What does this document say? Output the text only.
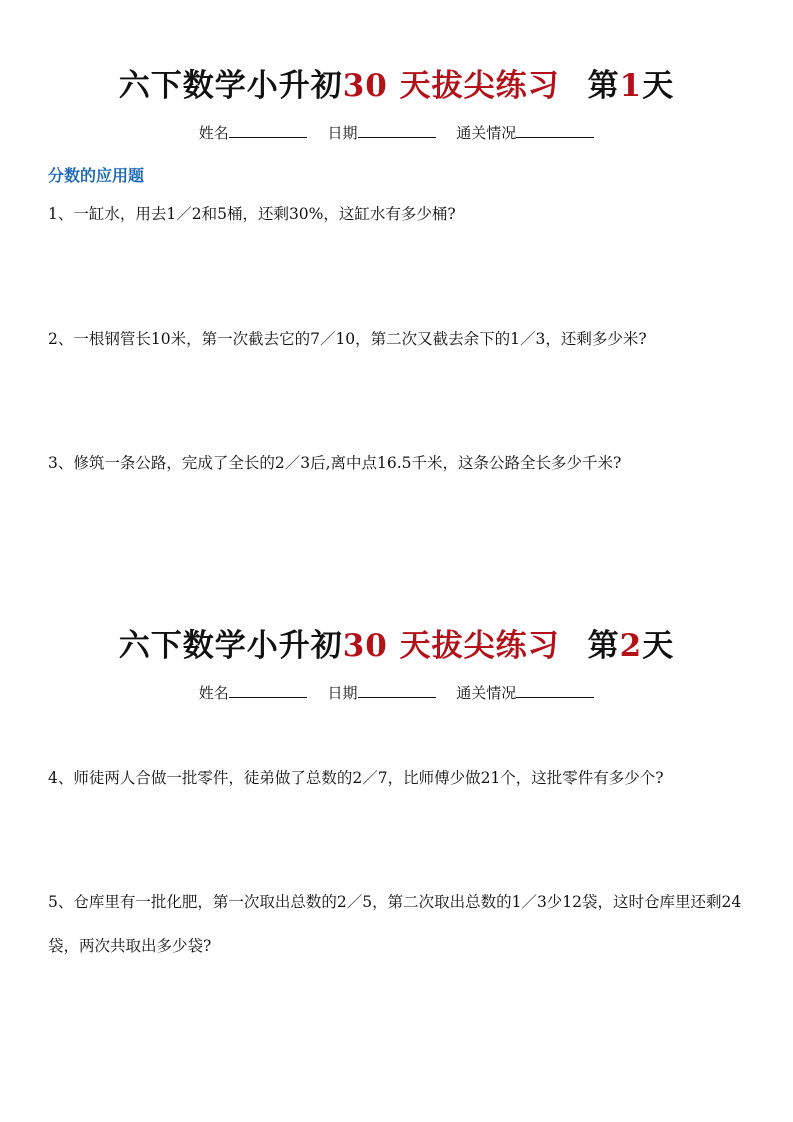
六下数学小升初30 天拔尖练习 第1天
姓名	日期	通关情况
分数的应用题
1、一缸水，用去1／2和5桶，还剩30%，这缸水有多少桶?
2、一根钢管长10米，第一次截去它的7／10，第二次又截去余下的1／3，还剩多少米?
3、修筑一条公路，完成了全长的2／3后,离中点16.5千米，这条公路全长多少千米?
六下数学小升初30 天拔尖练习 第2天
姓名	日期	通关情况
4、师徒两人合做一批零件，徒弟做了总数的2／7，比师傅少做21个，这批零件有多少个?
5、仓库里有一批化肥，第一次取出总数的2／5，第二次取出总数的1／3少12袋，这时仓库里还剩24袋，两次共取出多少袋?
